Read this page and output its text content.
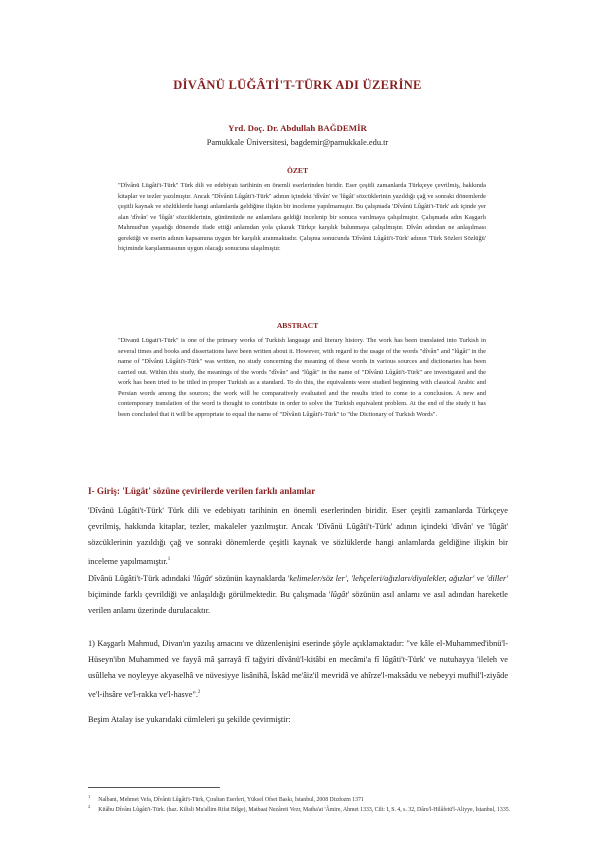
DİVÂNÜ LÜĞÂTİ'T-TÜRK ADI ÜZERİNE
Yrd. Doç. Dr. Abdullah BAĞDEMİR
Pamukkale Üniversitesi, bagdemir@pamukkale.edu.tr
ÖZET
"Dîvânü Lügâti't-Türk" Türk dili ve edebiyatı tarihinin en önemli eserlerinden biridir. Eser çeşitli zamanlarda Türkçeye çevrilmiş, hakkında kitaplar ve tezler yazılmıştır. Ancak "Dîvânü Lûgâti't-Türk" adının içindeki 'dîvân' ve 'lûgât' sözcüklerinin yazıldığı çağ ve sonraki dönemlerde çeşitli kaynak ve sözlüklerde hangi anlamlarda geldiğine ilişkin bir inceleme yapılmamıştır. Bu çalışmada 'Dîvânü Lûgâti't-Türk' adı içinde yer alan 'dîvân' ve 'lûgât' sözcüklerinin, günümüzde ne anlamlara geldiği incelenip bir sonuca varılmaya çalışılmıştır. Çalışmada adın Kaşgarlı Mahmud'un yaşadığı dönemde ifade ettiği anlamdan yola çıkarak Türkçe karşılık bulunmaya çalışılmıştır. Dîvân adından ne anlaşılması gerektiği ve eserin adının kapsamına uygun bir karşılık aranmaktadır. Çalışma sonucunda 'Dîvânü Lûgâti't-Türk' adının 'Türk Sözleri Sözlüğü' biçiminde karşılanmasının uygun olacağı sonucuna ulaşılmıştır.
ABSTRACT
"Divanü Lügati't-Türk" is one of the primary works of Turkish language and literary history. The work has been translated into Turkish in several times and books and dissertations have been written about it. However, with regard to the usage of the words "dîvân" and "lûgât" in the name of "Dîvânü Lûgâti't-Türk" was written, no study concerning the meaning of these words in various sources and dictionaries has been carried out. Within this study, the meanings of the words "dîvân" and "lûgât" in the name of "Dîvânü Lûgâti't-Türk" are investigated and the work has been tried to be titled in proper Turkish as a standard. To do this, the equivalents were studied beginning with classical Arabic and Persian words among the sources; the work will be comparatively evaluated and the results tried to come to a conclusion. A new and contemporary translation of the word is thought to contribute in order to solve the Turkish equivalent problem. At the end of the study it has been concluded that it will be appropriate to equal the name of "Dîvânü Lûgâti't-Türk" to "the Dictionary of Turkish Words".
I- Giriş: 'Lügât' sözüne çevirilerde verilen farklı anlamlar
'Dîvânü Lûgâti't-Türk' Türk dili ve edebiyatı tarihinin en önemli eserlerinden biridir. Eser çeşitli zamanlarda Türkçeye çevrilmiş, hakkında kitaplar, tezler, makaleler yazılmıştır. Ancak 'Dîvânü Lûgâti't-Türk' adının içindeki 'dîvân' ve 'lûgât' sözcüklerinin yazıldığı çağ ve sonraki dönemlerde çeşitli kaynak ve sözlüklerde hangi anlamlarda geldiğine ilişkin bir inceleme yapılmamıştır.$^1$
Dîvânü Lûgâti't-Türk adındaki 'lûgât' sözünün kaynaklarda 'kelimeler/söz ler', 'lehçeleri/ağızları/diyalekler, ağızlar' ve 'diller' biçiminde farklı çevrildiği ve anlaşıldığı görülmektedir. Bu çalışmada 'lûgât' sözünün asıl anlamı ve asıl adından hareketle verilen anlamı üzerinde durulacaktır.
1) Kaşgarlı Mahmud, Divan'ın yazılış amacını ve düzenlenişini eserinde şöyle açıklamaktadır: "ve kâle el-Muhammed'ibnü'l-Hüseyn'ibn Muhammed ve fayyâ mâ şarrayâ fî tağyiri dîvânü'l-kitâbi en mecâmi'a fî lûgâti't-Türk' ve nutuhayya 'ileleh ve usûlleha ve noyleyye akyaselhâ ve nüvesiyye lisânihâ, İskâd me'âiz'il mevridâ ve ahîrze'l-maksâdu ve nebeyyi mufhil'l-ziyâde ve'l-ihsâre ve'l-rakka ve'l-hasve".$^2$
Beşim Atalay ise yukarıdaki cümleleri şu şekilde çevirmiştir:
$^1$Nalbant, Mehmet Vefa, Dîvânü Lûgâti't-Türk, Çıraltan Eserleri, Yüksel Ofset Baskı, İstanbul, 2008 Dizdozm 1371
$^2$Kitâbu Dîvânı Lûgâti't-Türk. (haz. Kilisli Mu'allim Rifat Bilge), Matbaat Nezâreti Vezr, Matba'at 'Âmire, Ahmet 1333, Cilt: I, S. 4, s. 32, Dâru'l-Hilâfetü'l-Aliyye, İstanbul, 1335.
